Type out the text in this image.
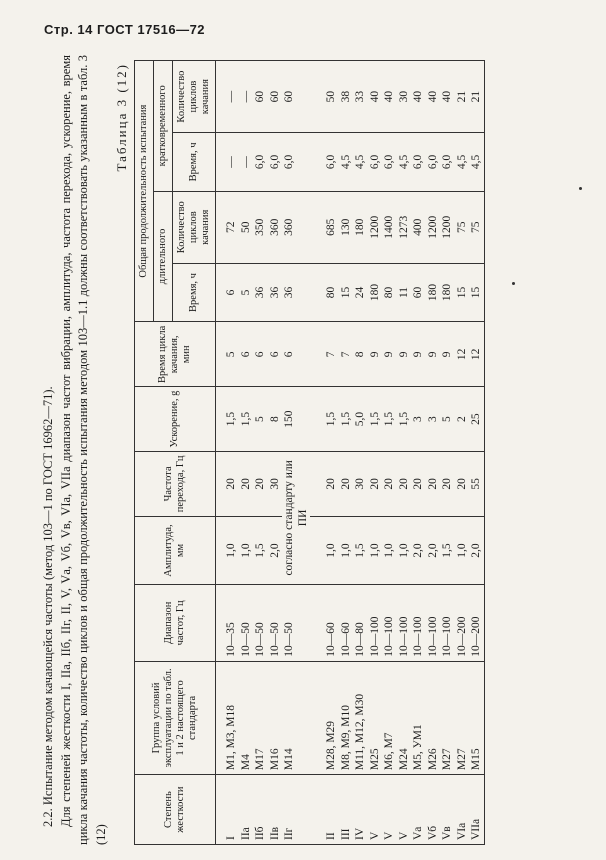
Стр. 14 ГОСТ 17516—72

2.2. Испытание методом качающейся частоты (метод 103—1 по ГОСТ 16962—71). Для степеней жесткости I, IIа, IIб, IIг, II, V, Vа, Vб, Vв, VIа, VIIа диапазон частот вибрации, амплитуда, частота перехода, ускорение, время цикла качания частоты, количество циклов и общая продолжительность испытания методом 103—1.1 должны соответствовать указанным в табл. 3 (12)

Таблица 3 (12)
Степень жесткости	Группа условий эксплуатации по табл. 1 и 2 настоящего стандарта	Диапазон частот, Гц	Амплитуда, мм	Частота перехода, Гц	Ускорение, g	Время цикла качания, мин	Общая продолжительность испытания			
							длительного		кратковременного	
							Время, ч	Количество циклов качания	Время, ч	Количество циклов качания
I	М1, М3, М18	10—35	1,0	20	1,5	5	6	72	—	—
IIа	М4	10—50	1,0	20	1,5	6	5	50	—	—
IIб	М17	10—50	1,5	20	5	6	36	350	6,0	60
IIв	М16	10—50	2,0	30	8	6	36	360	6,0	60
IIг	М14	10—50	согласно стандарту или ПИ		150	6	36	360	6,0	60

II	М28, М29	10—60	1,0	20	1,5	7	80	685	6,0	50
III	М8, М9, М10	10—60	1,0	20	1,5	7	15	130	4,5	38
IV	М11, М12, М30	10—80	1,5	30	5,0	8	24	180	4,5	33
V	М25	10—100	1,0	20	1,5	9	180	1200	6,0	40
V	М6, М7	10—100	1,0	20	1,5	9	80	1400	6,0	40
V	М24	10—100	1,0	20	1,5	9	11	1273	4,5	30
Vа	М5, УМ1	10—100	2,0	20	3	9	60	400	6,0	40
Vб	М26	10—100	2,0	20	3	9	180	1200	6,0	40
Vв	М27	10—100	1,5	20	5	9	180	1200	6,0	40
VIа	М27	10—200	1,0	20	2	12	15	75	4,5	21
VIIа	М15	10—200	2,0	55	25	12	15	75	4,5	21
